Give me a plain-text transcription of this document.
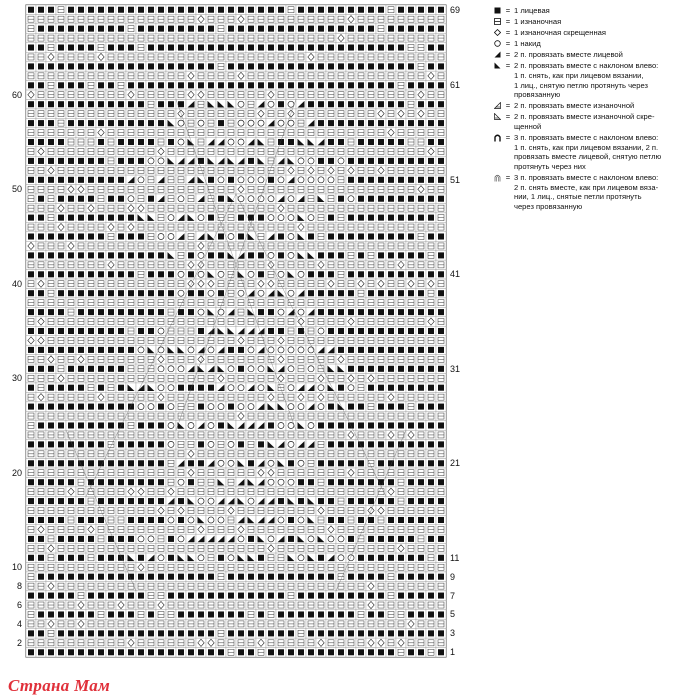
2
4
6
8
10
20
30
40
50
60
1
3
5
7
9
11
21
31
41
51
61
69	= 1 лицевая
= 1 изнаночная
= 1 изнаночная скрещенная
= 1 накид
= 2 п. провязать вместе лицевой
= 2 п. провязать вместе с наклоном влево:
1 п. снять, как при лицевом вязании,
1 лиц., снятую петлю протянуть через
провязанную
= 2 п. провязать вместе изнаночной
= 2 п. провязать вместе изнаночной скре-
щенной
= 3 п. провязать вместе с наклоном влево:
1 п. снять, как при лицевом вязании, 2 п.
провязать вместе лицевой, снятую петлю протянуть через них
= 3 п. провязать вместе с наклоном влево:
2 п. снять вместе, как при лицевом вяза-
нии, 1 лиц., снятые петли протянуть
через провязанную
Страна Мам
